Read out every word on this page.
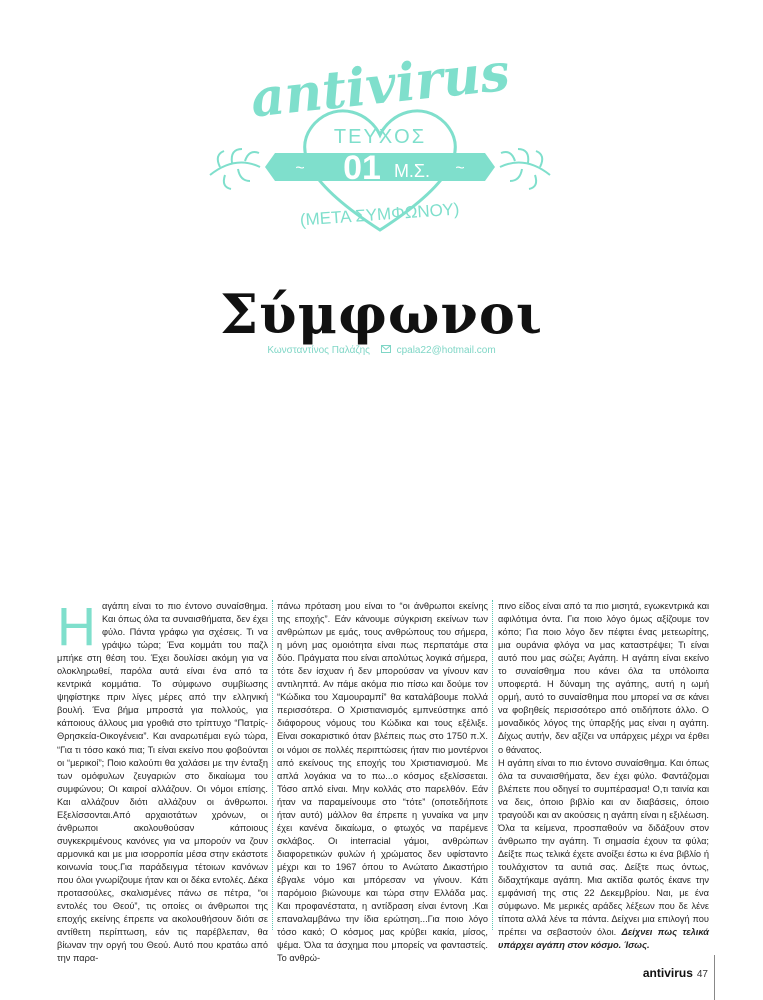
antivirus
ΤΕΥΧΟΣ
01 Μ.Σ.
~	~
(ΜΕΤΑ ΣΥΜΦΩΝΟΥ)
Σύμφωνοι
Κωνσταντίνος Παλάζης	cpala22@hotmail.com
Η αγάπη είναι το πιο έντονο συναίσθημα. Και όπως όλα τα συναισθήματα, δεν έχει φύλο. Πάντα γράφω για σχέσεις. Τι να γράψω τώρα; Ένα κομμάτι του παζλ μπήκε στη θέση του. Έχει δουλίσει ακόμη για να ολοκληρωθεί, παρόλα αυτά είναι ένα από τα κεντρικά κομμάτια. Το σύμφωνο συμβίωσης ψηφίστηκε πριν λίγες μέρες από την ελληνική βουλή. Ένα βήμα μπροστά για πολλούς, για κάποιους άλλους μια γροθιά στο τρίπτυχο “Πατρίς-Θρησκεία-Οικογένεια”. Και αναρωτιέμαι εγώ τώρα, “Για τι τόσο κακό πια; Τι είναι εκείνο που φοβούνται οι “μερικοί”; Ποιο καλούπι θα χαλάσει με την ένταξη των ομόφυλων ζευγαριών στο δικαίωμα του συμφώνου; Οι καιροί αλλάζουν. Οι νόμοι επίσης. Και αλλάζουν διότι αλλάζουν οι άνθρωποι. Εξελίσσονται.Από αρχαιοτάτων χρόνων, οι άνθρωποι ακολουθούσαν κάποιους συγκεκριμένους κανόνες για να μπορούν να ζουν αρμονικά και με μια ισορροπία μέσα στην εκάστοτε κοινωνία τους.Για παράδειγμα τέτοιων κανόνων που όλοι γνωρίζουμε ήταν και οι δέκα εντολές. Δέκα προτασούλες, σκαλισμένες πάνω σε πέτρα, “οι εντολές του Θεού”, τις οποίες οι άνθρωποι της εποχής εκείνης έπρεπε να ακολουθήσουν διότι σε αντίθετη περίπτωση, εάν τις παρέβλεπαν, θα βίωναν την οργή του Θεού. Αυτό που κρατάω από την παρα-

πάνω πρόταση μου είναι το “οι άνθρωποι εκείνης της εποχής”. Εάν κάνουμε σύγκριση εκείνων των ανθρώπων με εμάς, τους ανθρώπους του σήμερα, η μόνη μας ομοιότητα είναι πως περπατάμε στα δύο. Πράγματα που είναι απολύτως λογικά σήμερα, τότε δεν ίσχυαν ή δεν μπορούσαν να γίνουν καν αντιληπτά. Αν πάμε ακόμα πιο πίσω και δούμε τον “Κώδικα του Χαμουραμπί” θα καταλάβουμε πολλά περισσότερα. Ο Χριστιανισμός εμπνεύστηκε από διάφορους νόμους του Κώδικα και τους εξέλιξε. Είναι σοκαριστικό όταν βλέπεις πως στο 1750 π.Χ. οι νόμοι σε πολλές περιπτώσεις ήταν πιο μοντέρνοι από εκείνους της εποχής του Χριστιανισμού. Με απλά λογάκια να το πω...ο κόσμος εξελίσσεται. Τόσο απλό είναι. Μην κολλάς στο παρελθόν. Εάν ήταν να παραμείνουμε στο “τότε” (οποτεδήποτε ήταν αυτό) μάλλον θα έπρεπε η γυναίκα να μην έχει κανένα δικαίωμα, ο φτωχός να παρέμενε σκλάβος. Οι interracial γάμοι, ανθρώπων διαφορετικών φυλών ή χρώματος δεν υφίσταντο μέχρι και το 1967 όπου το Ανώτατο Δικαστήριο έβγαλε νόμο και μπόρεσαν να γίνουν. Κάτι παρόμοιο βιώνουμε και τώρα στην Ελλάδα μας. Και προφανέστατα, η αντίδραση είναι έντονη .Και επαναλαμβάνω την ίδια ερώτηση...Για ποιο λόγο τόσο κακό; Ο κόσμος μας κρύβει κακία, μίσος, ψέμα. Όλα τα άσχημα που μπορείς να φανταστείς. Το ανθρώ-

πινο είδος είναι από τα πιο μισητά, εγωκεντρικά και αφιλότιμα όντα. Για ποιο λόγο όμως αξίζουμε τον κόπο; Για ποιο λόγο δεν πέφτει ένας μετεωρίτης, μια ουράνια φλόγα να μας καταστρέψει; Τι είναι αυτό που μας σώζει; Αγάπη. Η αγάπη είναι εκείνο το συναίσθημα που κάνει όλα τα υπόλοιπα υποφερτά. Η δύναμη της αγάπης, αυτή η ωμή ορμή, αυτό το συναίσθημα που μπορεί να σε κάνει να φοβηθείς περισσότερο από οτιδήποτε άλλο. Ο μοναδικός λόγος της ύπαρξής μας είναι η αγάπη. Δίχως αυτήν, δεν αξίζει να υπάρχεις μέχρι να έρθει ο θάνατος.

Η αγάπη είναι το πιο έντονο συναίσθημα. Και όπως όλα τα συναισθήματα, δεν έχει φύλο. Φαντάζομαι βλέπετε που οδηγεί το συμπέρασμα! Ο,τι ταινία και να δεις, όποιο βιβλίο και αν διαβάσεις, όποιο τραγούδι και αν ακούσεις η αγάπη είναι η εξιλέωση. Όλα τα κείμενα, προσπαθούν να διδάξουν στον άνθρωπο την αγάπη. Τι σημασία έχουν τα φύλα; Δείξτε πως τελικά έχετε ανοίξει έστω κι ένα βιβλίο ή τουλάχιστον τα αυτιά σας. Δείξτε πως όντως, διδαχτήκαμε αγάπη. Μια ακτίδα φωτός έκανε την εμφάνισή της στις 22 Δεκεμβρίου. Ναι, με ένα σύμφωνο. Με μερικές αράδες λέξεων που δε λένε τίποτα αλλά λένε τα πάντα. Δείχνει μια επιλογή που πρέπει να σεβαστούν όλοι. Δείχνει πως τελικά υπάρχει αγάπη στον κόσμο. Ίσως.

antivirus 47
